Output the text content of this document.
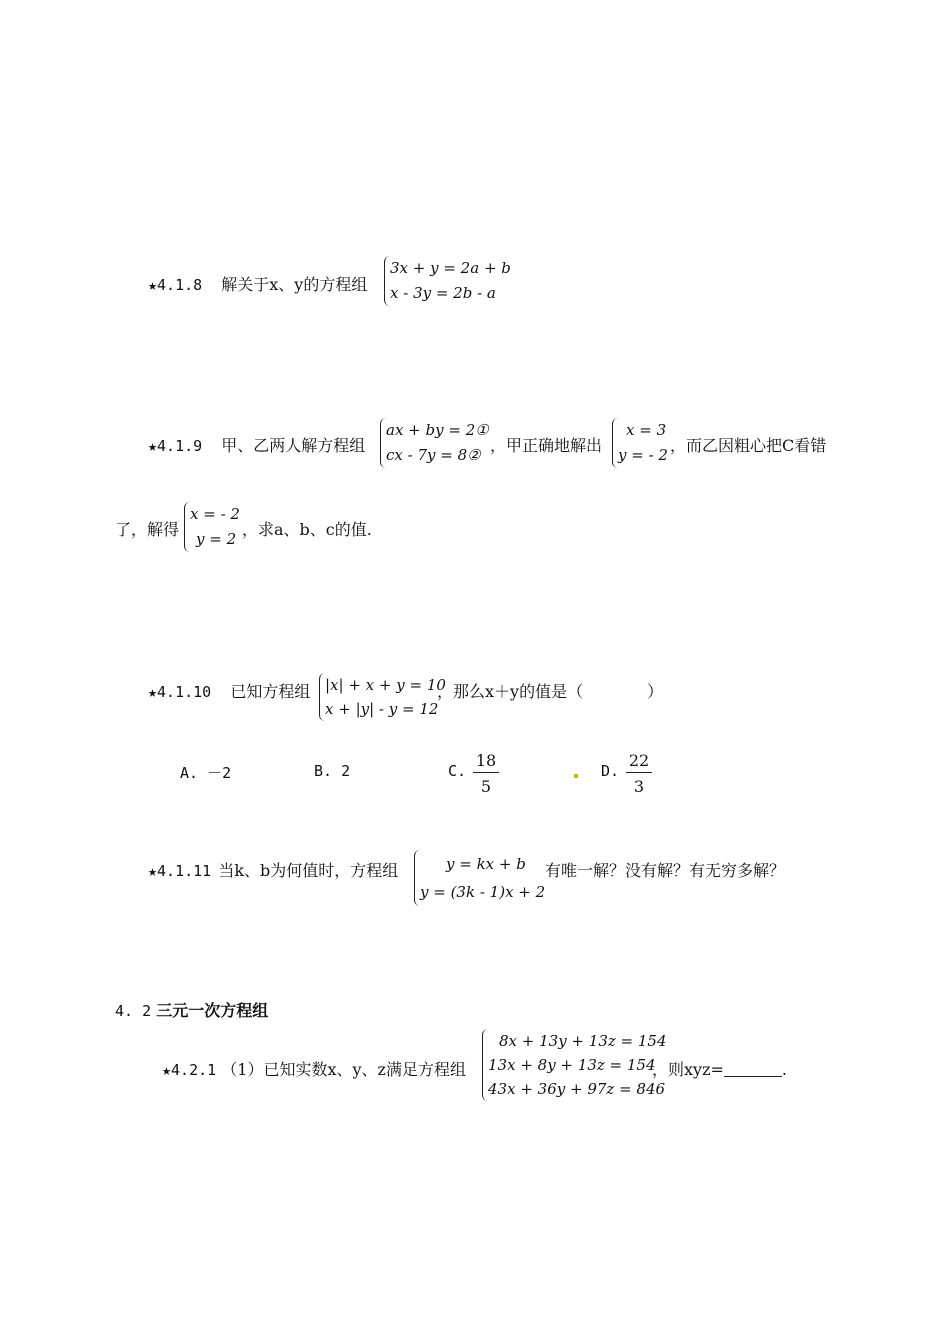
★4.1.8 解关于x、y的方程组
3x + y = 2a + b
x - 3y = 2b - a
★4.1.9 甲、乙两人解方程组
ax + by = 2①
cx - 7y = 8② ，甲正确地解出
x = 3
y = - 2 ，而乙因粗心把C看错
了，解得
x = - 2
y = 2 ，求a、b、c的值.
★4.1.10 已知方程组 |x| + x + y = 10
x + |y| - y = 12
，那么x＋y的值是（　　　　）
A. －2	B. 2	C. $\frac{18}{5}$	D. $\frac{22}{3}$
★4.1.11 当k、b为何值时，方程组	y = kx + b
y = (3k - 1)x + 2
有唯一解？没有解？有无穷多解？
4. 2 三元一次方程组
★4.2.1 （1）已知实数x、y、z满足方程组
8x + 13y + 13z = 154
13x + 8y + 13z = 154
43x + 36y + 97z = 846
，则xyz=	.
